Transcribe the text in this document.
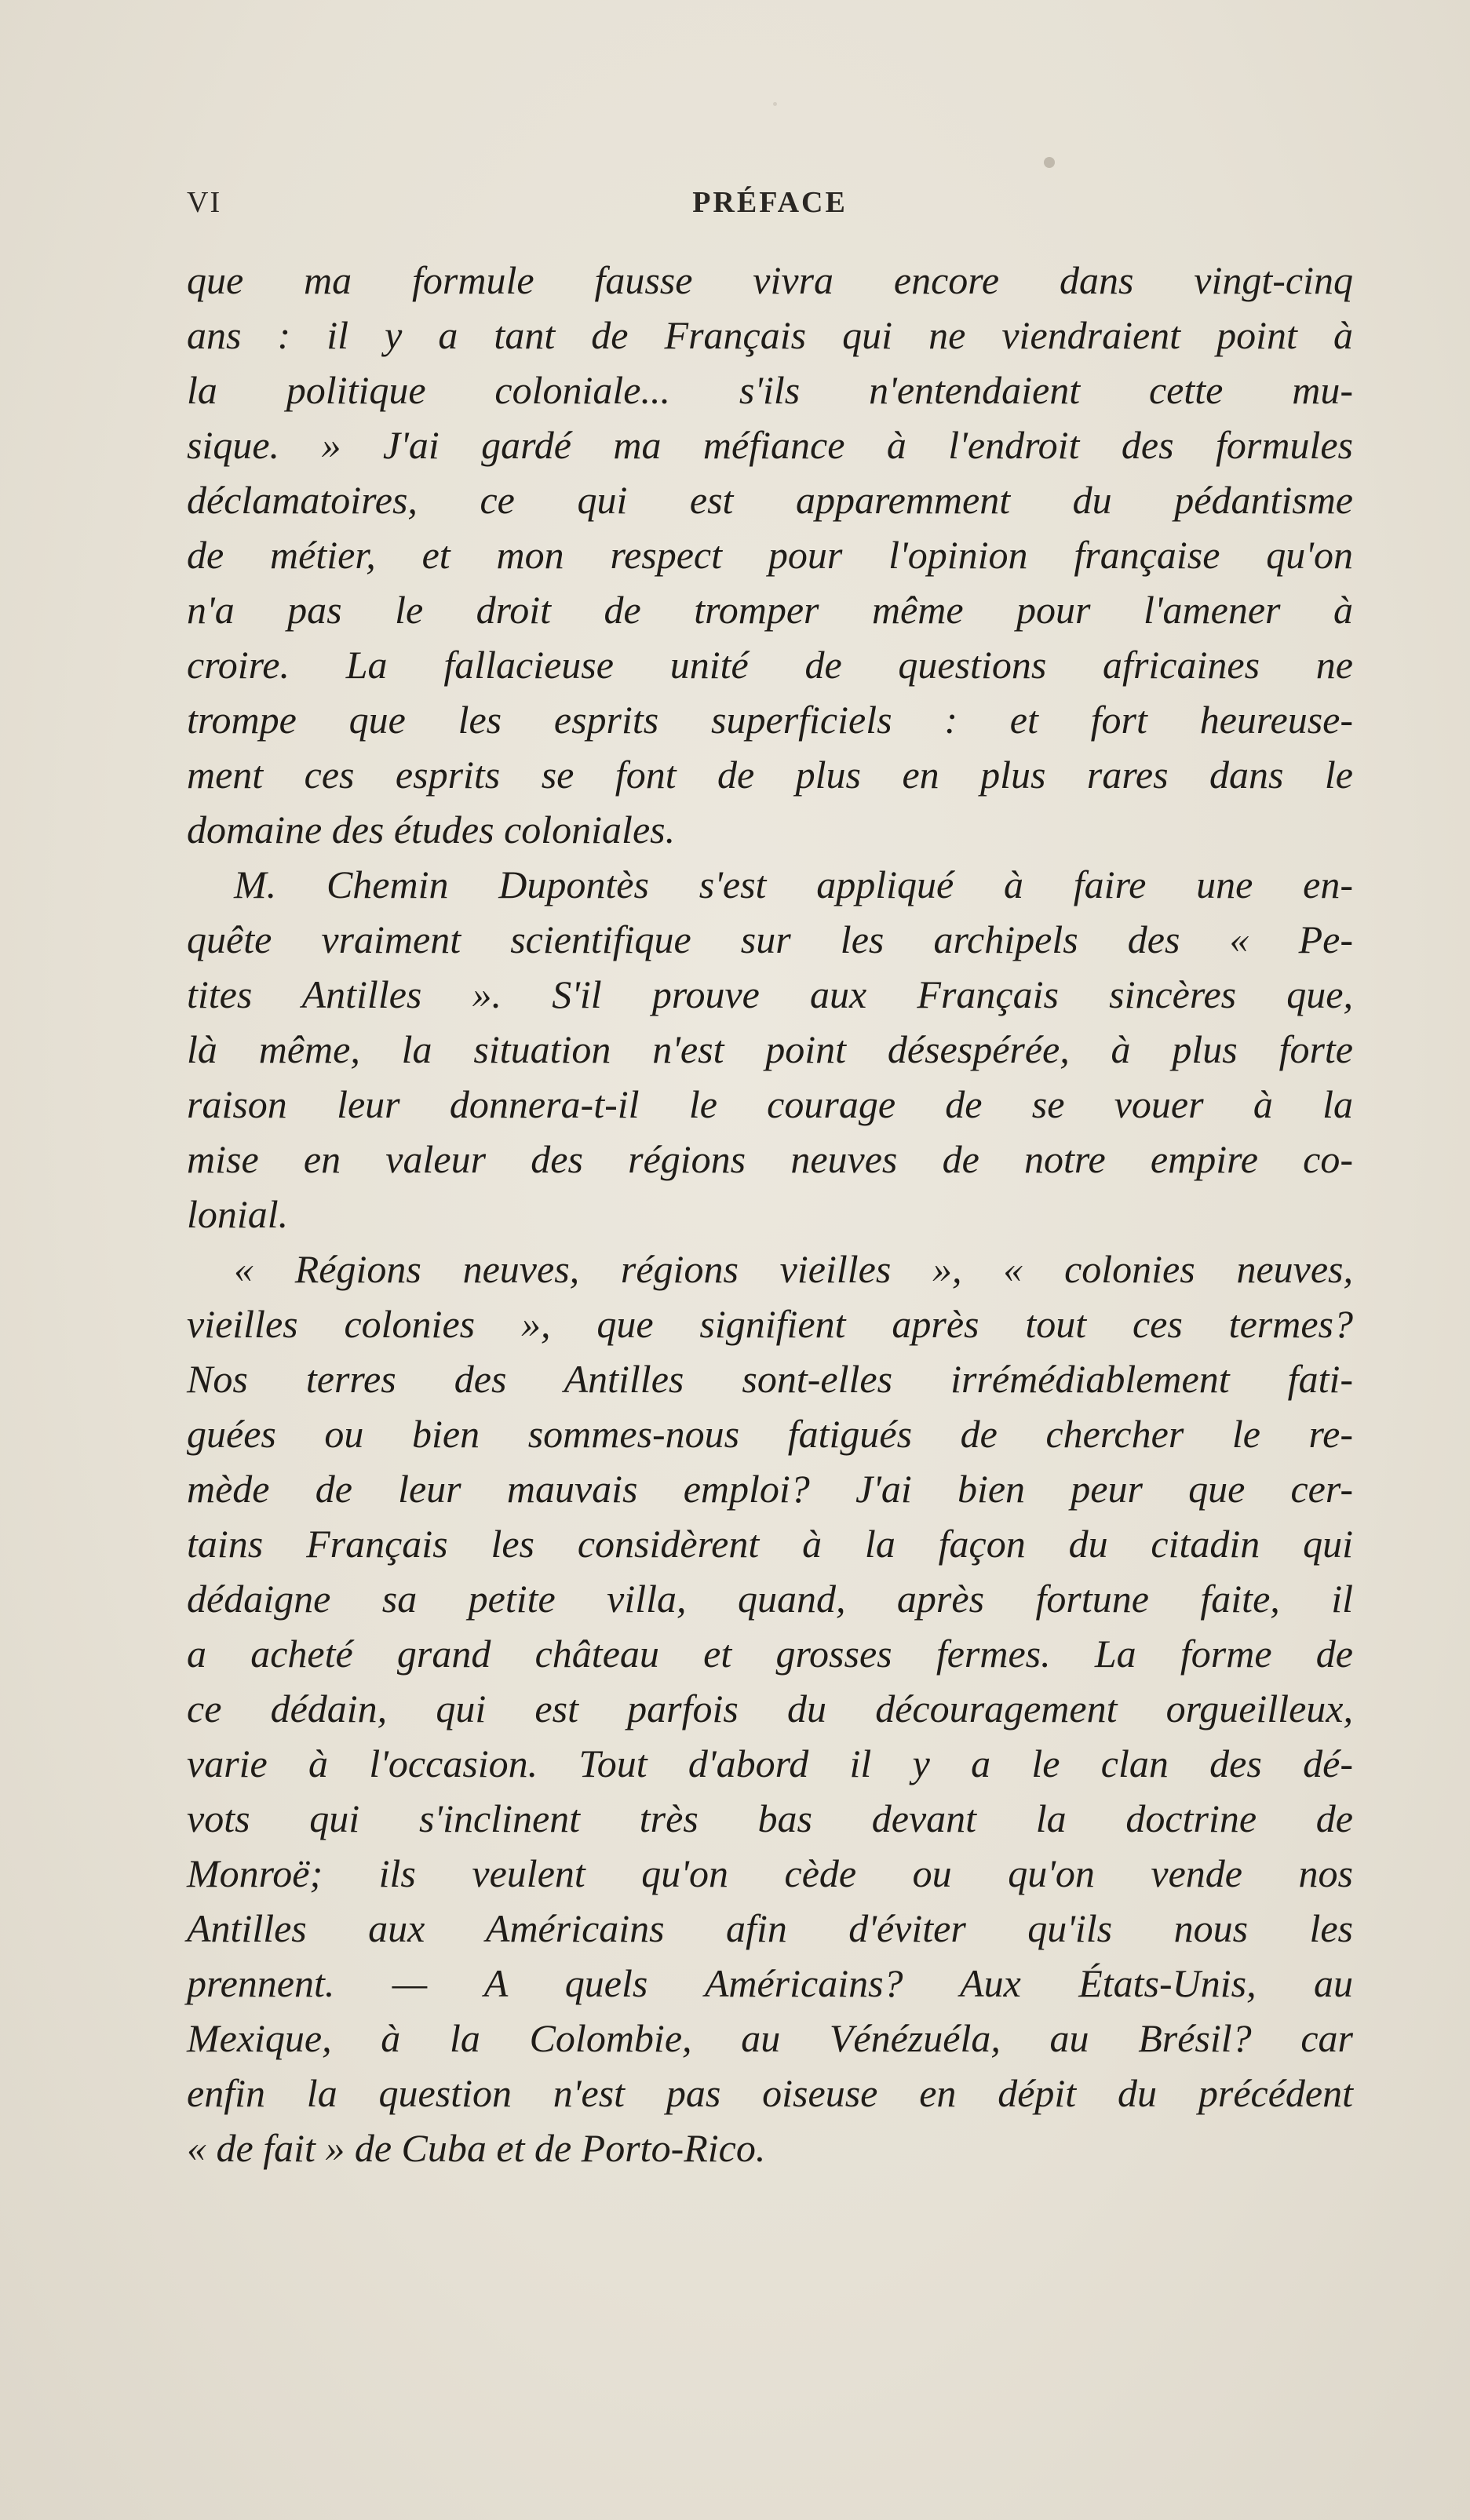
VI	PRÉFACE
que ma formule fausse vivra encore dans vingt-cinq
ans : il y a tant de Français qui ne viendraient point à
la politique coloniale... s'ils n'entendaient cette mu-
sique. » J'ai gardé ma méfiance à l'endroit des formules
déclamatoires, ce qui est apparemment du pédantisme
de métier, et mon respect pour l'opinion française qu'on
n'a pas le droit de tromper même pour l'amener à
croire. La fallacieuse unité de questions africaines ne
trompe que les esprits superficiels : et fort heureuse-
ment ces esprits se font de plus en plus rares dans le
domaine des études coloniales.
M. Chemin Dupontès s'est appliqué à faire une en-
quête vraiment scientifique sur les archipels des « Pe-
tites Antilles ». S'il prouve aux Français sincères que,
là même, la situation n'est point désespérée, à plus forte
raison leur donnera-t-il le courage de se vouer à la
mise en valeur des régions neuves de notre empire co-
lonial.
« Régions neuves, régions vieilles », « colonies neuves,
vieilles colonies », que signifient après tout ces termes?
Nos terres des Antilles sont-elles irrémédiablement fati-
guées ou bien sommes-nous fatigués de chercher le re-
mède de leur mauvais emploi? J'ai bien peur que cer-
tains Français les considèrent à la façon du citadin qui
dédaigne sa petite villa, quand, après fortune faite, il
a acheté grand château et grosses fermes. La forme de
ce dédain, qui est parfois du découragement orgueilleux,
varie à l'occasion. Tout d'abord il y a le clan des dé-
vots qui s'inclinent très bas devant la doctrine de
Monroë; ils veulent qu'on cède ou qu'on vende nos
Antilles aux Américains afin d'éviter qu'ils nous les
prennent. — A quels Américains? Aux États-Unis, au
Mexique, à la Colombie, au Vénézuéla, au Brésil? car
enfin la question n'est pas oiseuse en dépit du précédent
« de fait » de Cuba et de Porto-Rico.
